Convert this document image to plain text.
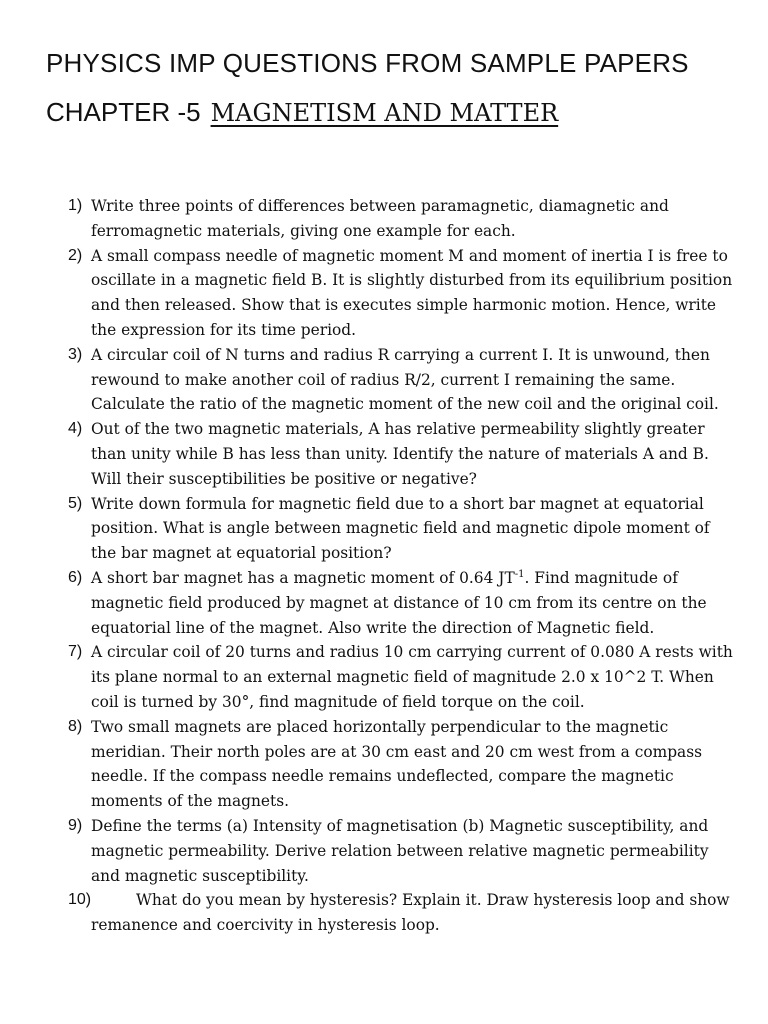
PHYSICS IMP QUESTIONS FROM SAMPLE PAPERS
CHAPTER -5 MAGNETISM AND MATTER
1) Write three points of differences between paramagnetic, diamagnetic and ferromagnetic materials, giving one example for each.
2) A small compass needle of magnetic moment M and moment of inertia I is free to oscillate in a magnetic field B. It is slightly disturbed from its equilibrium position and then released. Show that is executes simple harmonic motion. Hence, write the expression for its time period.
3) A circular coil of N turns and radius R carrying a current I. It is unwound, then rewound to make another coil of radius R/2, current I remaining the same. Calculate the ratio of the magnetic moment of the new coil and the original coil.
4) Out of the two magnetic materials, A has relative permeability slightly greater than unity while B has less than unity. Identify the nature of materials A and B. Will their susceptibilities be positive or negative?
5) Write down formula for magnetic field due to a short bar magnet at equatorial position. What is angle between magnetic field and magnetic dipole moment of the bar magnet at equatorial position?
6) A short bar magnet has a magnetic moment of 0.64 $JT^{-1}$. Find magnitude of magnetic field produced by magnet at distance of 10 cm from its centre on the equatorial line of the magnet. Also write the direction of Magnetic field.
7) A circular coil of 20 turns and radius 10 cm carrying current of 0.080 A rests with its plane normal to an external magnetic field of magnitude 2.0 x 10^2 T. When coil is turned by 30°, find magnitude of field torque on the coil.
8) Two small magnets are placed horizontally perpendicular to the magnetic meridian. Their north poles are at 30 cm east and 20 cm west from a compass needle. If the compass needle remains undeflected, compare the magnetic moments of the magnets.
9) Define the terms (a) Intensity of magnetisation (b) Magnetic susceptibility, and magnetic permeability. Derive relation between relative magnetic permeability and magnetic susceptibility.
10)	What do you mean by hysteresis? Explain it. Draw hysteresis loop and show remanence and coercivity in hysteresis loop.
